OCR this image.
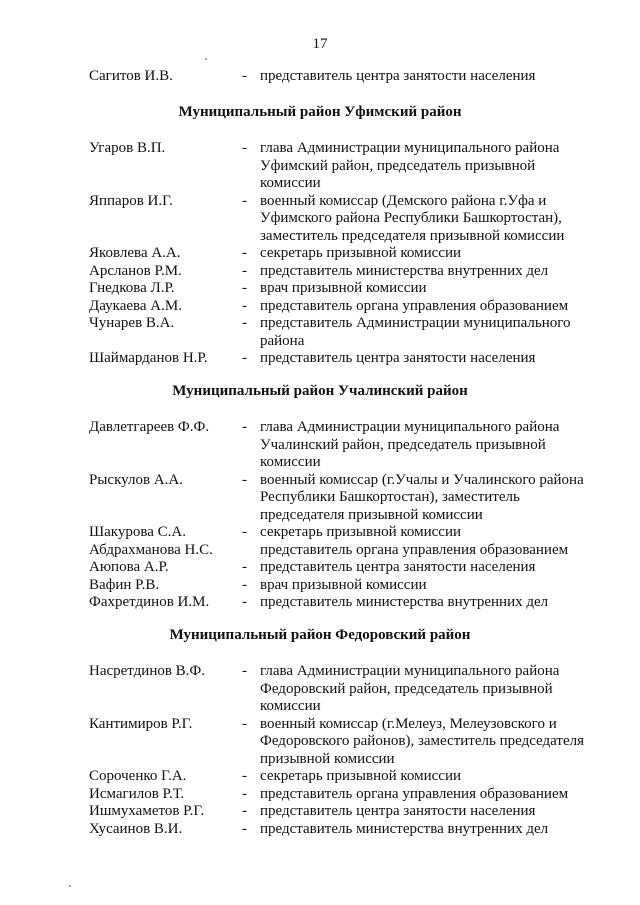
17
Сагитов И.В.	- представитель центра занятости населения
Муниципальный район Уфимский район
Угаров В.П.	- глава Администрации муниципального района
Уфимский район, председатель призывной
комиссии
Яппаров И.Г.	- военный комиссар (Демского района г.Уфа и
Уфимского района Республики Башкортостан),
заместитель председателя призывной комиссии
Яковлева А.А.	- секретарь призывной комиссии
Арсланов Р.М.	- представитель министерства внутренних дел
Гнедкова Л.Р.	- врач призывной комиссии
Даукаева А.М.	- представитель органа управления образованием
Чунарев В.А.	- представитель Администрации муниципального
района
Шаймарданов Н.Р. - представитель центра занятости населения
Муниципальный район Учалинский район
Давлетгареев Ф.Ф. - глава Администрации муниципального района
Учалинский район, председатель призывной
комиссии
Рыскулов А.А.	- военный комиссар (г.Учалы и Учалинского района
Республики Башкортостан), заместитель
председателя призывной комиссии
Шакурова С.А.	- секретарь призывной комиссии
Абдрахманова Н.С.	представитель органа управления образованием
Аюпова А.Р.	- представитель центра занятости населения
Вафин Р.В.	- врач призывной комиссии
Фахретдинов И.М. - представитель министерства внутренних дел
Муниципальный район Федоровский район
Насретдинов В.Ф. - глава Администрации муниципального района
Федоровский район, председатель призывной
комиссии
Кантимиров Р.Г.	- военный комиссар (г.Мелеуз, Мелеузовского и
Федоровского районов), заместитель председателя
призывной комиссии
Сороченко Г.А.	- секретарь призывной комиссии
Исмагилов Р.Т.	- представитель органа управления образованием
Ишмухаметов Р.Г.	- представитель центра занятости населения
Хусаинов В.И.	- представитель министерства внутренних дел
